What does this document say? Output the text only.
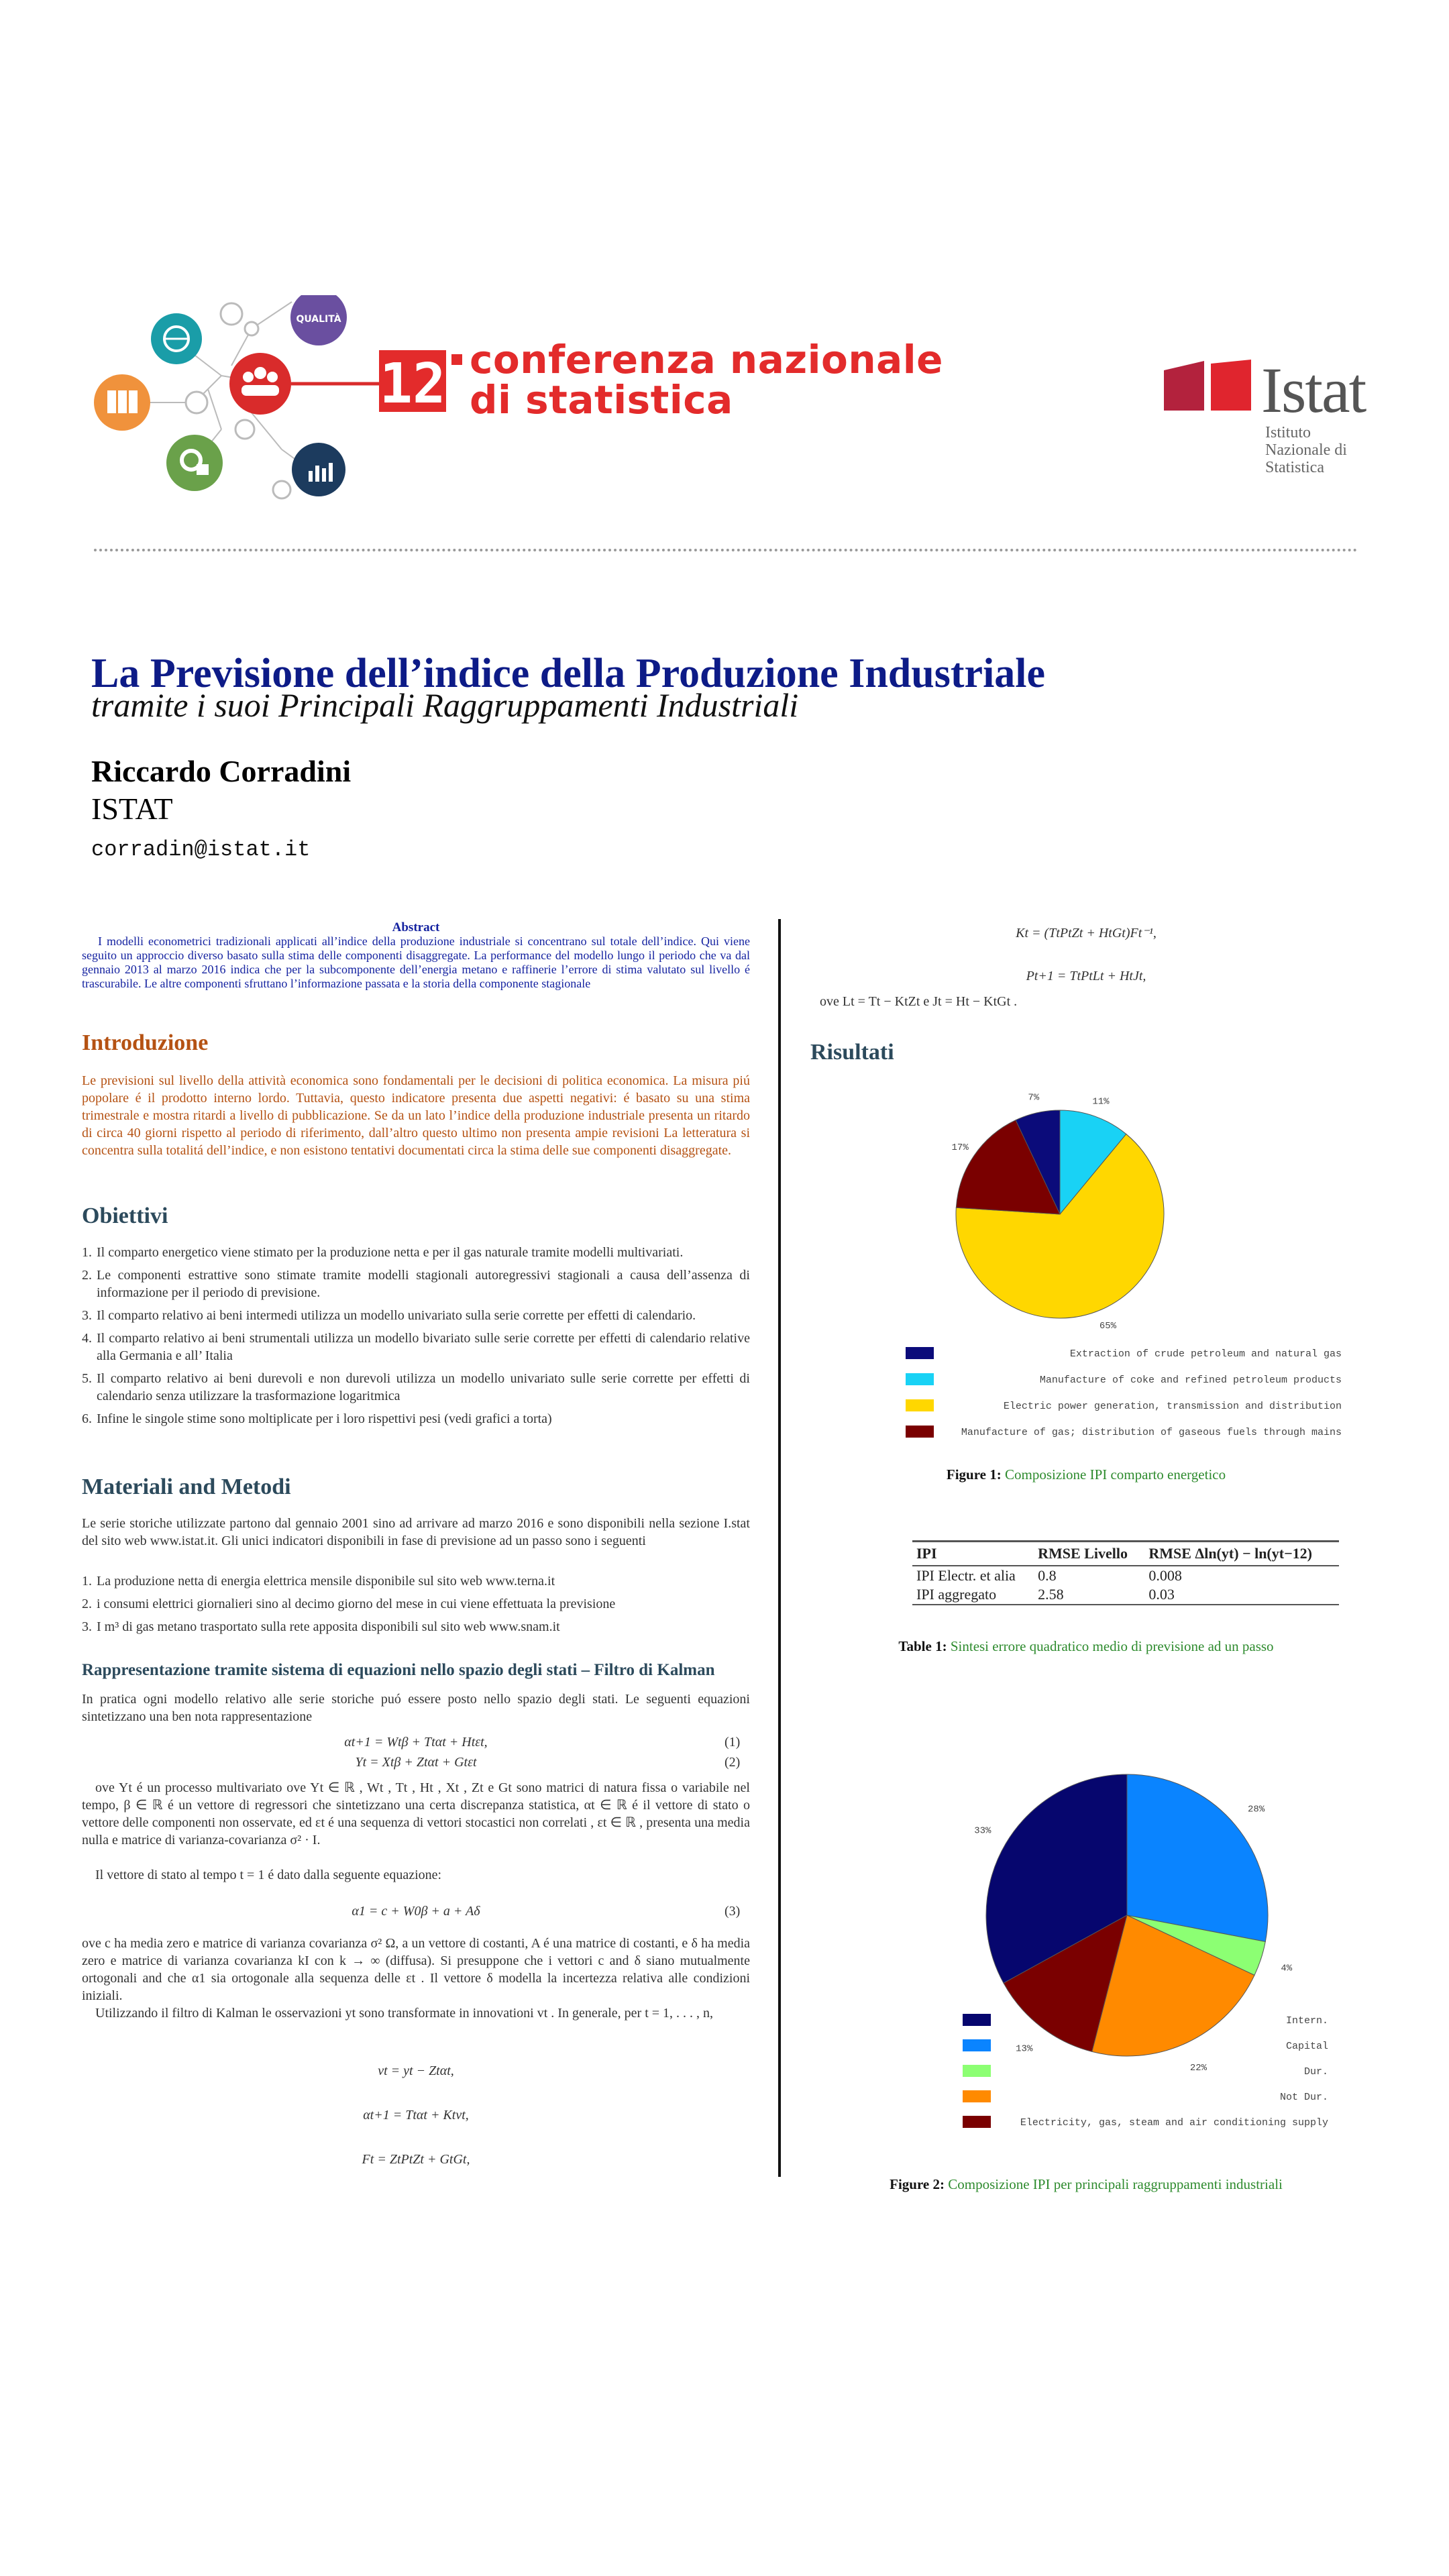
QUALITÀ
12 conferenza nazionale
di statistica	Istat
Istituto Nazionale di Statistica
La Previsione dell’indice della Produzione Industriale
tramite i suoi Principali Raggruppamenti Industriali
Riccardo Corradini
ISTAT
corradin@istat.it
Abstract

I modelli econometrici tradizionali applicati all’indice della produzione industriale si concentrano sul totale dell’indice. Qui viene seguito un approccio diverso basato sulla stima delle componenti disaggregate. La performance del modello lungo il periodo che va dal gennaio 2013 al marzo 2016 indica che per la subcomponente dell’energia metano e raffinerie l’errore di stima valutato sul livello é trascurabile. Le altre componenti sfruttano l’informazione passata e la storia della componente stagionale

Introduzione
Le previsioni sul livello della attività economica sono fondamentali per le decisioni di politica economica. La misura piú popolare é il prodotto interno lordo. Tuttavia, questo indicatore presenta due aspetti negativi: é basato su una stima trimestrale e mostra ritardi a livello di pubblicazione. Se da un lato l’indice della produzione industriale presenta un ritardo di circa 40 giorni rispetto al periodo di riferimento, dall’altro questo ultimo non presenta ampie revisioni La letteratura si concentra sulla totalitá dell’indice, e non esistono tentativi documentati circa la stima delle sue componenti disaggregate.
Obiettivi
1. Il comparto energetico viene stimato per la produzione netta e per il gas naturale tramite modelli multivariati.
2. Le componenti estrattive sono stimate tramite modelli stagionali autoregressivi stagionali a causa dell’assenza di informazione per il periodo di previsione.
3. Il comparto relativo ai beni intermedi utilizza un modello univariato sulla serie corrette per effetti di calendario.
4. Il comparto relativo ai beni strumentali utilizza un modello bivariato sulle serie corrette per effetti di calendario relative alla Germania e all’ Italia
5. Il comparto relativo ai beni durevoli e non durevoli utilizza un modello univariato sulle serie corrette per effetti di calendario senza utilizzare la trasformazione logaritmica
6. Infine le singole stime sono moltiplicate per i loro rispettivi pesi (vedi grafici a torta)
Materiali and Metodi
Le serie storiche utilizzate partono dal gennaio 2001 sino ad arrivare ad marzo 2016 e sono disponibili nella sezione I.stat del sito web www.istat.it. Gli unici indicatori disponibili in fase di previsione ad un passo sono i seguenti
1. La produzione netta di energia elettrica mensile disponibile sul sito web www.terna.it
2. i consumi elettrici giornalieri sino al decimo giorno del mese in cui viene effettuata la previsione
3. I m³ di gas metano trasportato sulla rete apposita disponibili sul sito web www.snam.it
Rappresentazione tramite sistema di equazioni nello spazio degli stati – Filtro di Kalman
In pratica ogni modello relativo alle serie storiche puó essere posto nello spazio degli stati. Le seguenti equazioni sintetizzano una ben nota rappresentazione
αt+1 = Wtβ + Ttαt + Htεt,	(1)
Yt = Xtβ + Ztαt + Gtεt	(2)
ove Yt é un processo multivariato ove Yt ∈ ℝ , Wt , Tt , Ht , Xt , Zt e Gt sono matrici di natura fissa o variabile nel tempo, β ∈ ℝ é un vettore di regressori che sintetizzano una certa discrepanza statistica, αt ∈ ℝ é il vettore di stato o vettore delle componenti non osservate, ed εt é una sequenza di vettori stocastici non correlati , εt ∈ ℝ , presenta una media nulla e matrice di varianza-covarianza σ² · I.
Il vettore di stato al tempo t = 1 é dato dalla seguente equazione:
α1 = c + W0β + a + Aδ	(3)
ove c ha media zero e matrice di varianza covarianza σ² Ω, a un vettore di costanti, A é una matrice di costanti, e δ ha media zero e matrice di varianza covarianza kI con k → ∞ (diffusa). Si presuppone che i vettori c and δ siano mutualmente ortogonali and che α1 sia ortogonale alla sequenza delle εt . Il vettore δ modella la incertezza relativa alle condizioni iniziali.
Utilizzando il filtro di Kalman le osservazioni yt sono transformate in innovationi vt . In generale, per t = 1, . . . , n,
vt = yt − Ztαt,
αt+1 = Ttαt + Ktvt,
Ft = ZtPtZt + GtGt,
Kt = (TtPtZt + HtGt)Ft⁻¹,
Pt+1 = TtPtLt + HtJt,
ove Lt = Tt − KtZt e Jt = Ht − KtGt .
Risultati
7%	11%
65%
17%
Extraction of crude petroleum and natural gas
Manufacture of coke and refined petroleum products
Electric power generation, transmission and distribution
Manufacture of gas; distribution of gaseous fuels through mains
Figure 1: Composizione IPI comparto energetico
IPI	RMSE Livello	RMSE Δln(yt) − ln(yt−12)
IPI Electr. et alia	0.8	0.008
IPI aggregato	2.58	0.03
Table 1: Sintesi errore quadratico medio di previsione ad un passo
33%
28%
4%
22%
13%
Intern.
Capital
Dur.
Not Dur.
Electricity, gas, steam and air conditioning supply
Figure 2: Composizione IPI per principali raggruppamenti industriali
